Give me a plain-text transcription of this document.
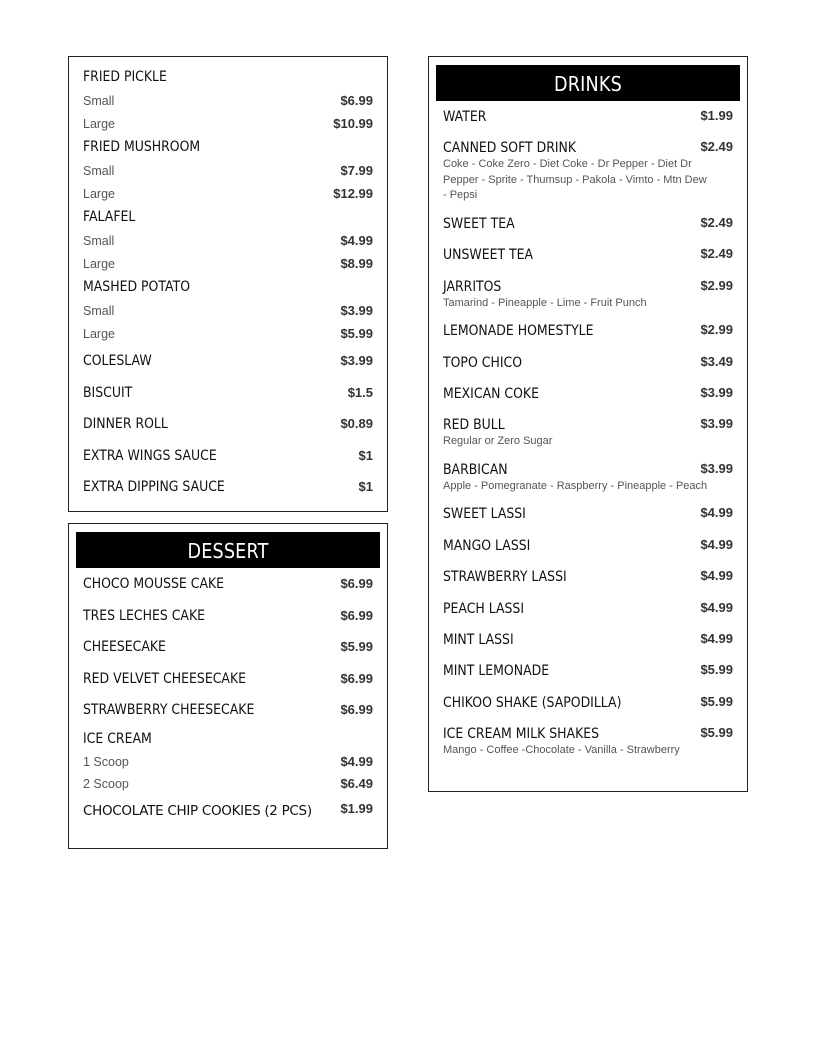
FRIED PICKLE
Small	$6.99
Large	$10.99
FRIED MUSHROOM
Small	$7.99
Large	$12.99
FALAFEL
Small	$4.99
Large	$8.99
MASHED POTATO
Small	$3.99
Large	$5.99
COLESLAW	$3.99
BISCUIT	$1.5
DINNER ROLL	$0.89
EXTRA WINGS SAUCE	$1
EXTRA DIPPING SAUCE	$1
DESSERT
CHOCO MOUSSE CAKE	$6.99
TRES LECHES CAKE	$6.99
CHEESECAKE	$5.99
RED VELVET CHEESECAKE	$6.99
STRAWBERRY CHEESECAKE	$6.99
ICE CREAM
1 Scoop	$4.99
2 Scoop	$6.49
CHOCOLATE CHIP COOKIES (2 PCS) $1.99
DRINKS
WATER	$1.99
CANNED SOFT DRINK	$2.49
Coke - Coke Zero - Diet Coke - Dr Pepper - Diet Dr Pepper - Sprite - Thumsup - Pakola - Vimto - Mtn Dew - Pepsi
SWEET TEA	$2.49
UNSWEET TEA	$2.49
JARRITOS	$2.99
Tamarind - Pineapple - Lime - Fruit Punch
LEMONADE HOMESTYLE	$2.99
TOPO CHICO	$3.49
MEXICAN COKE	$3.99
RED BULL	$3.99
Regular or Zero Sugar
BARBICAN	$3.99
Apple - Pomegranate - Raspberry - Pineapple - Peach
SWEET LASSI	$4.99
MANGO LASSI	$4.99
STRAWBERRY LASSI	$4.99
PEACH LASSI	$4.99
MINT LASSI	$4.99
MINT LEMONADE	$5.99
CHIKOO SHAKE (SAPODILLA)	$5.99
ICE CREAM MILK SHAKES	$5.99
Mango - Coffee -Chocolate - Vanilla - Strawberry
